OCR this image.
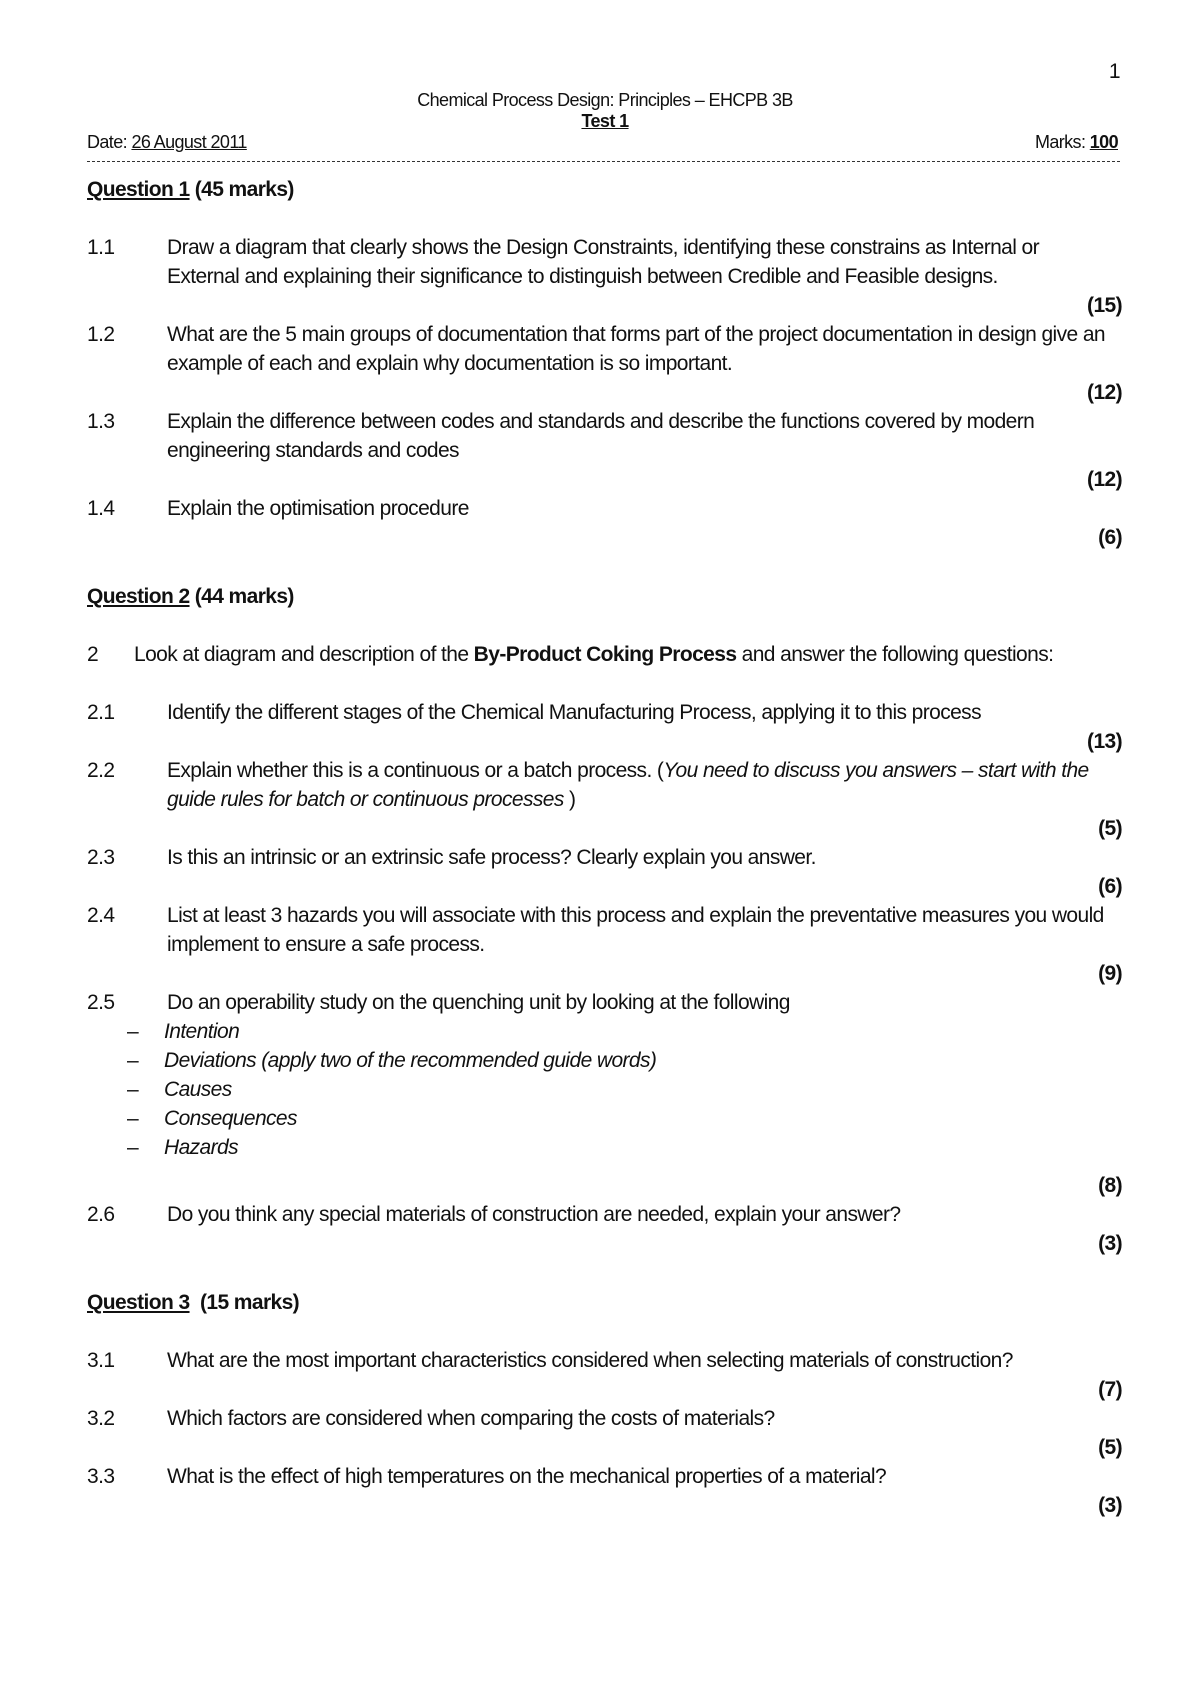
1
Chemical Process Design: Principles – EHCPB 3B
Test 1
Date: 26 August 2011	Marks: 100
Question 1 (45 marks)
1.1	Draw a diagram that clearly shows the Design Constraints, identifying these constrains as Internal or
External and explaining their significance to distinguish between Credible and Feasible designs.
(15)
1.2	What are the 5 main groups of documentation that forms part of the project documentation in design give an
example of each and explain why documentation is so important.
(12)
1.3	Explain the difference between codes and standards and describe the functions covered by modern
engineering standards and codes
(12)
1.4	Explain the optimisation procedure
(6)
Question 2 (44 marks)
2 Look at diagram and description of the By-Product Coking Process and answer the following questions:
2.1	Identify the different stages of the Chemical Manufacturing Process, applying it to this process
(13)
2.2	Explain whether this is a continuous or a batch process. (You need to discuss you answers – start with the
guide rules for batch or continuous processes )
(5)
2.3	Is this an intrinsic or an extrinsic safe process? Clearly explain you answer.
(6)
2.4	List at least 3 hazards you will associate with this process and explain the preventative measures you would
implement to ensure a safe process.
(9)
2.5	Do an operability study on the quenching unit by looking at the following
– Intention
– Deviations (apply two of the recommended guide words)
– Causes
– Consequences
– Hazards
(8)
2.6	Do you think any special materials of construction are needed, explain your answer?
(3)
Question 3  (15 marks)
3.1	What are the most important characteristics considered when selecting materials of construction?
(7)
3.2	Which factors are considered when comparing the costs of materials?
(5)
3.3	What is the effect of high temperatures on the mechanical properties of a material?
(3)
